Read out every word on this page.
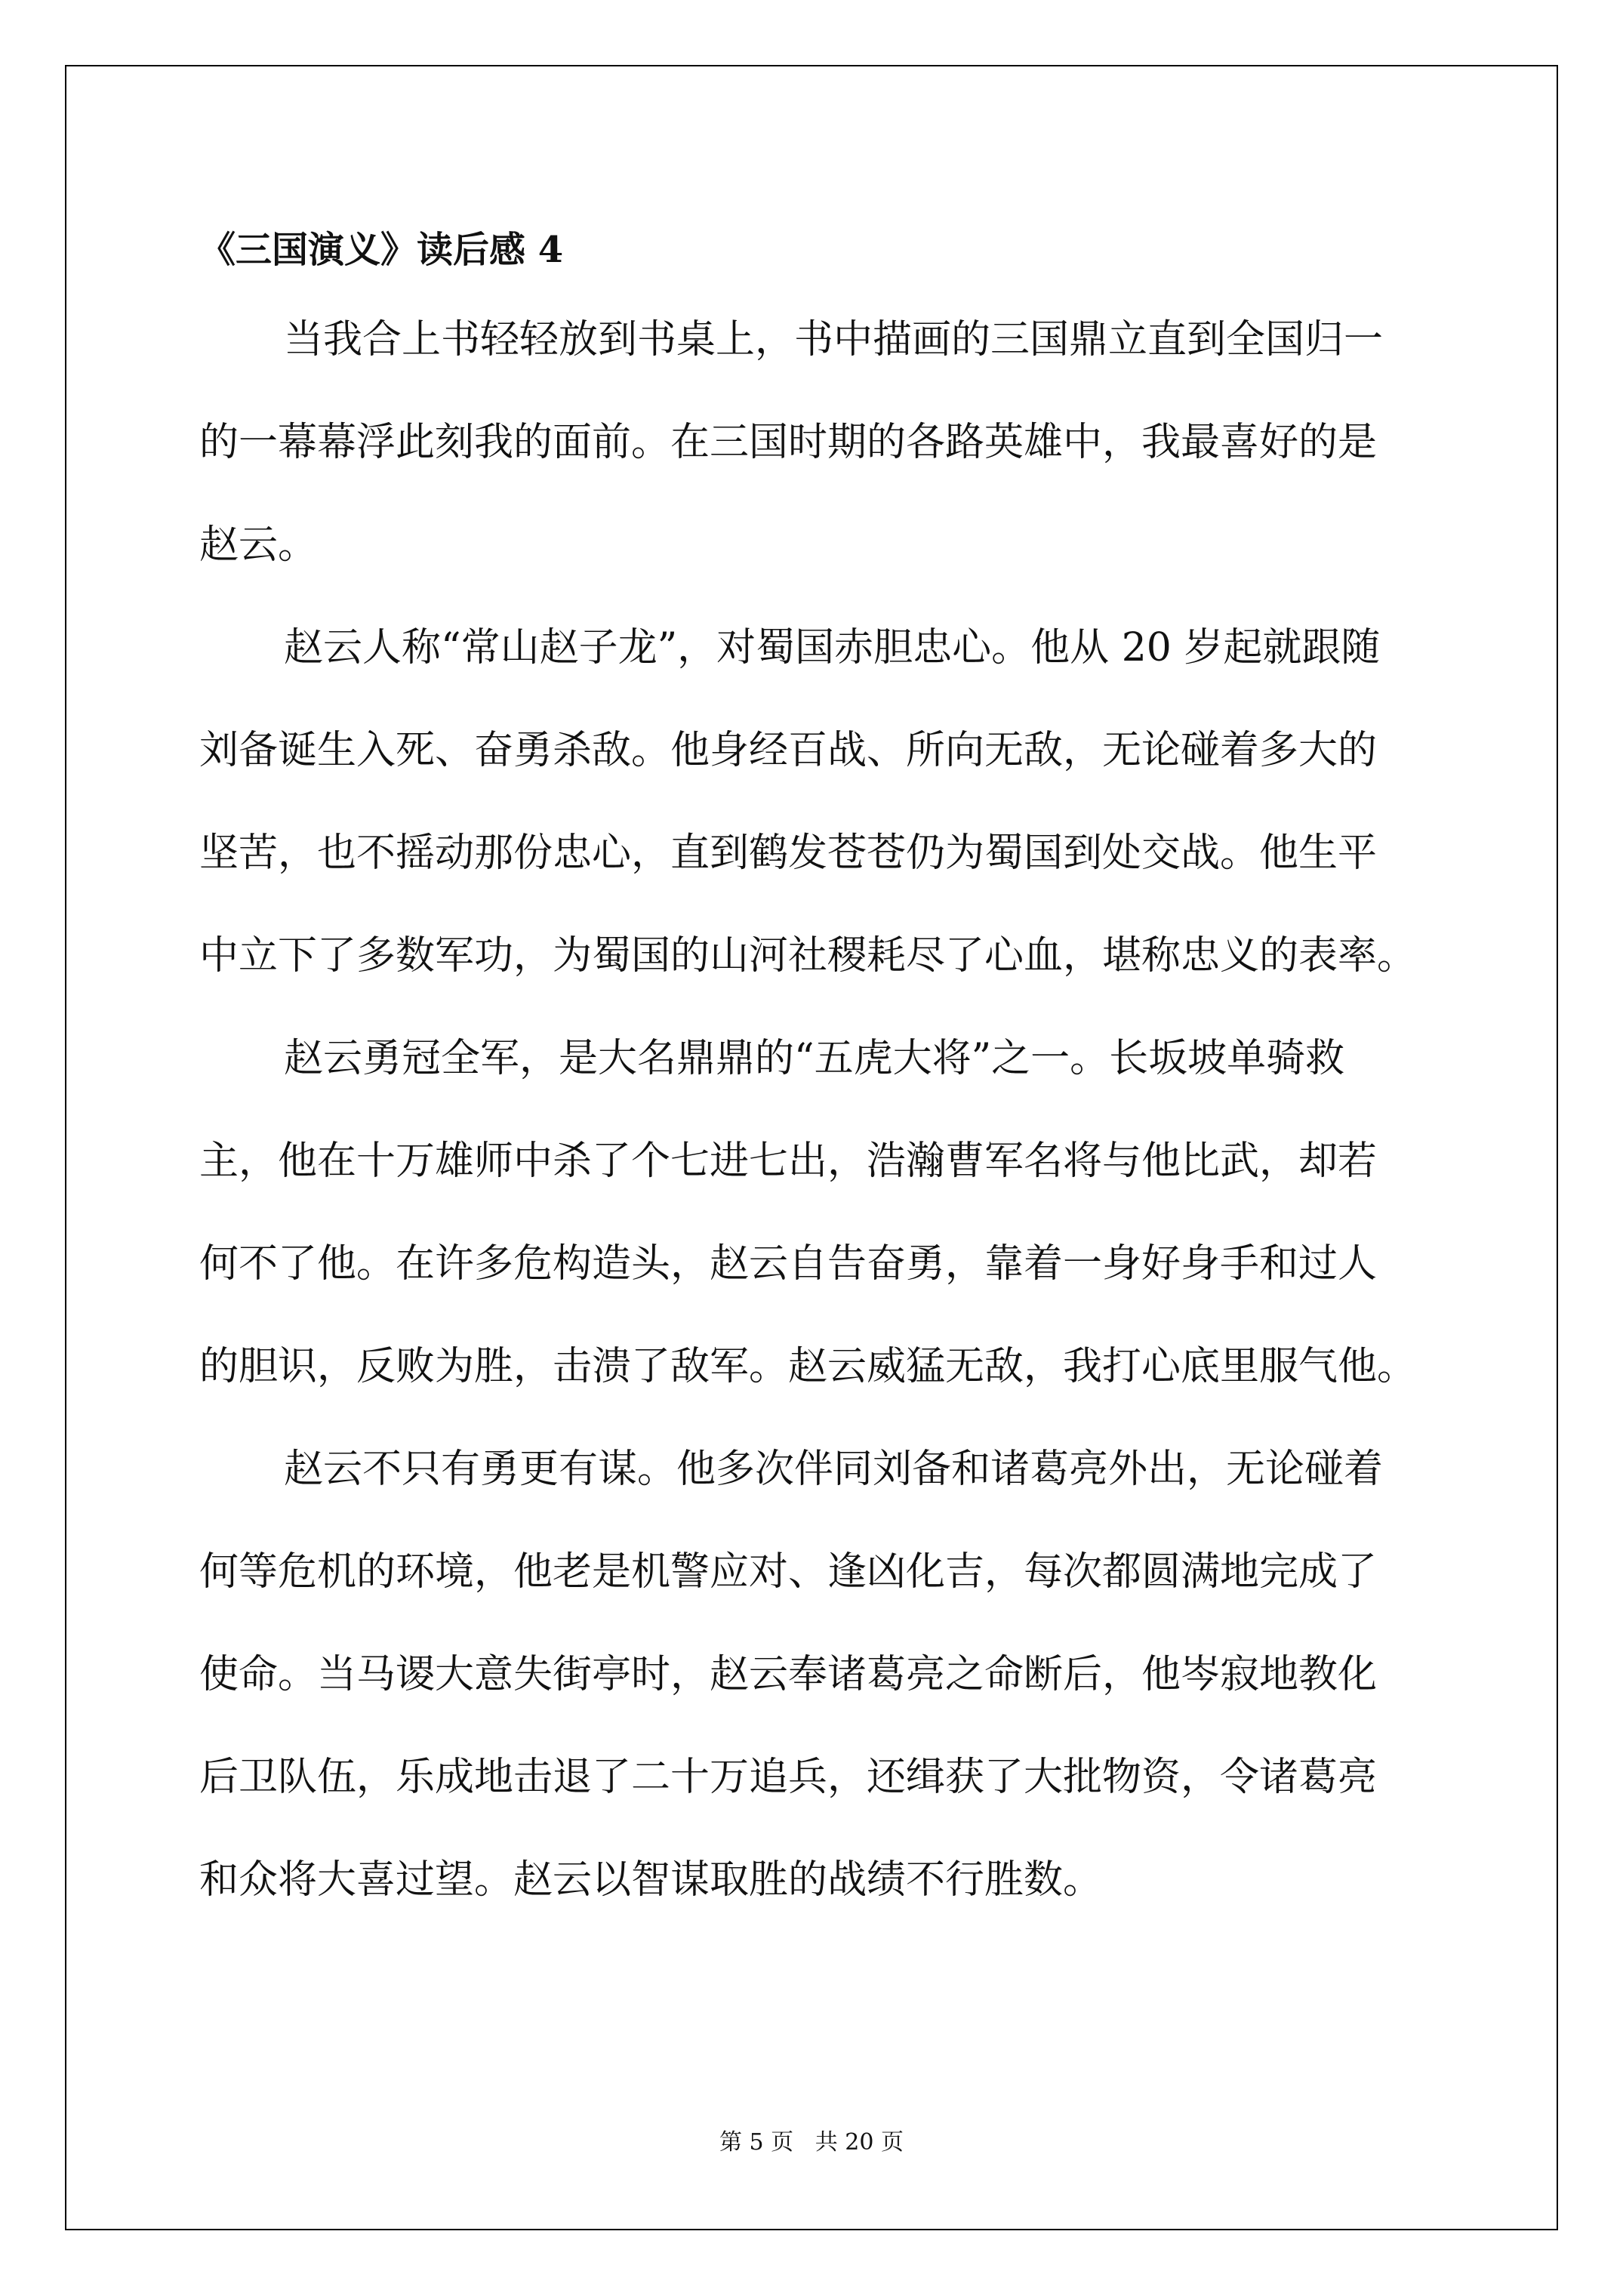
《三国演义》读后感 4
当我合上书轻轻放到书桌上，书中描画的三国鼎立直到全国归一
的一幕幕浮此刻我的面前。在三国时期的各路英雄中，我最喜好的是
赵云。
赵云人称“常山赵子龙”，对蜀国赤胆忠心。他从 20 岁起就跟随
刘备诞生入死、奋勇杀敌。他身经百战、所向无敌，无论碰着多大的
坚苦，也不摇动那份忠心，直到鹤发苍苍仍为蜀国到处交战。他生平
中立下了多数军功，为蜀国的山河社稷耗尽了心血，堪称忠义的表率。
赵云勇冠全军，是大名鼎鼎的“五虎大将”之一。长坂坡单骑救
主，他在十万雄师中杀了个七进七出，浩瀚曹军名将与他比武，却若
何不了他。在许多危构造头，赵云自告奋勇，靠着一身好身手和过人
的胆识，反败为胜，击溃了敌军。赵云威猛无敌，我打心底里服气他。
赵云不只有勇更有谋。他多次伴同刘备和诸葛亮外出，无论碰着
何等危机的环境，他老是机警应对、逢凶化吉，每次都圆满地完成了
使命。当马谡大意失街亭时，赵云奉诸葛亮之命断后，他岑寂地教化
后卫队伍，乐成地击退了二十万追兵，还缉获了大批物资，令诸葛亮
和众将大喜过望。赵云以智谋取胜的战绩不行胜数。
第 5 页   共 20 页
